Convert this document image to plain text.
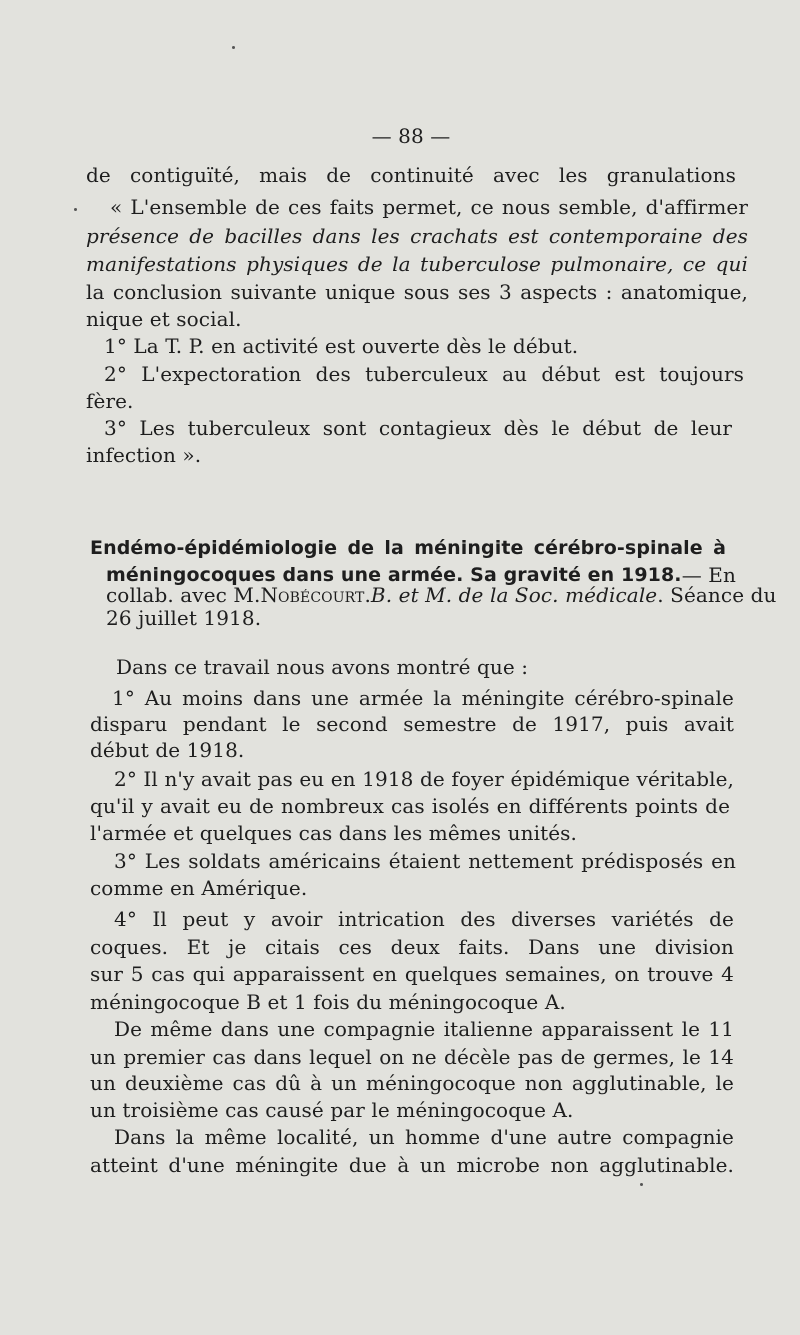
— 88 —
de contiguïté, mais de continuité avec les granulations
« L'ensemble de ces faits permet, ce nous semble, d'affirmer
présence de bacilles dans les crachats est contemporaine des
manifestations physiques de la tuberculose pulmonaire, ce qui
la conclusion suivante unique sous ses 3 aspects : anatomique,
nique et social.
1° La T. P. en activité est ouverte dès le début.
2° L'expectoration des tuberculeux au début est toujours
fère.
3° Les tuberculeux sont contagieux dès le début de leur
infection ».
Endémo-épidémiologie de la méningite cérébro-spinale à
méningocoques dans une armée. Sa gravité en 1918. — En
collab. avec M. Nobécourt . B. et M. de la Soc. médicale . Séance du
26 juillet 1918.
Dans ce travail nous avons montré que :
1° Au moins dans une armée la méningite cérébro-spinale
disparu pendant le second semestre de 1917, puis avait
début de 1918.
2° Il n'y avait pas eu en 1918 de foyer épidémique véritable,
qu'il y avait eu de nombreux cas isolés en différents points de
l'armée et quelques cas dans les mêmes unités.
3° Les soldats américains étaient nettement prédisposés en
comme en Amérique.
4° Il peut y avoir intrication des diverses variétés de
coques. Et je citais ces deux faits. Dans une division
sur 5 cas qui apparaissent en quelques semaines, on trouve 4
méningocoque B et 1 fois du méningocoque A.
De même dans une compagnie italienne apparaissent le 11
un premier cas dans lequel on ne décèle pas de germes, le 14
un deuxième cas dû à un méningocoque non agglutinable, le
un troisième cas causé par le méningocoque A.
Dans la même localité, un homme d'une autre compagnie
atteint d'une méningite due à un microbe non agglutinable.
